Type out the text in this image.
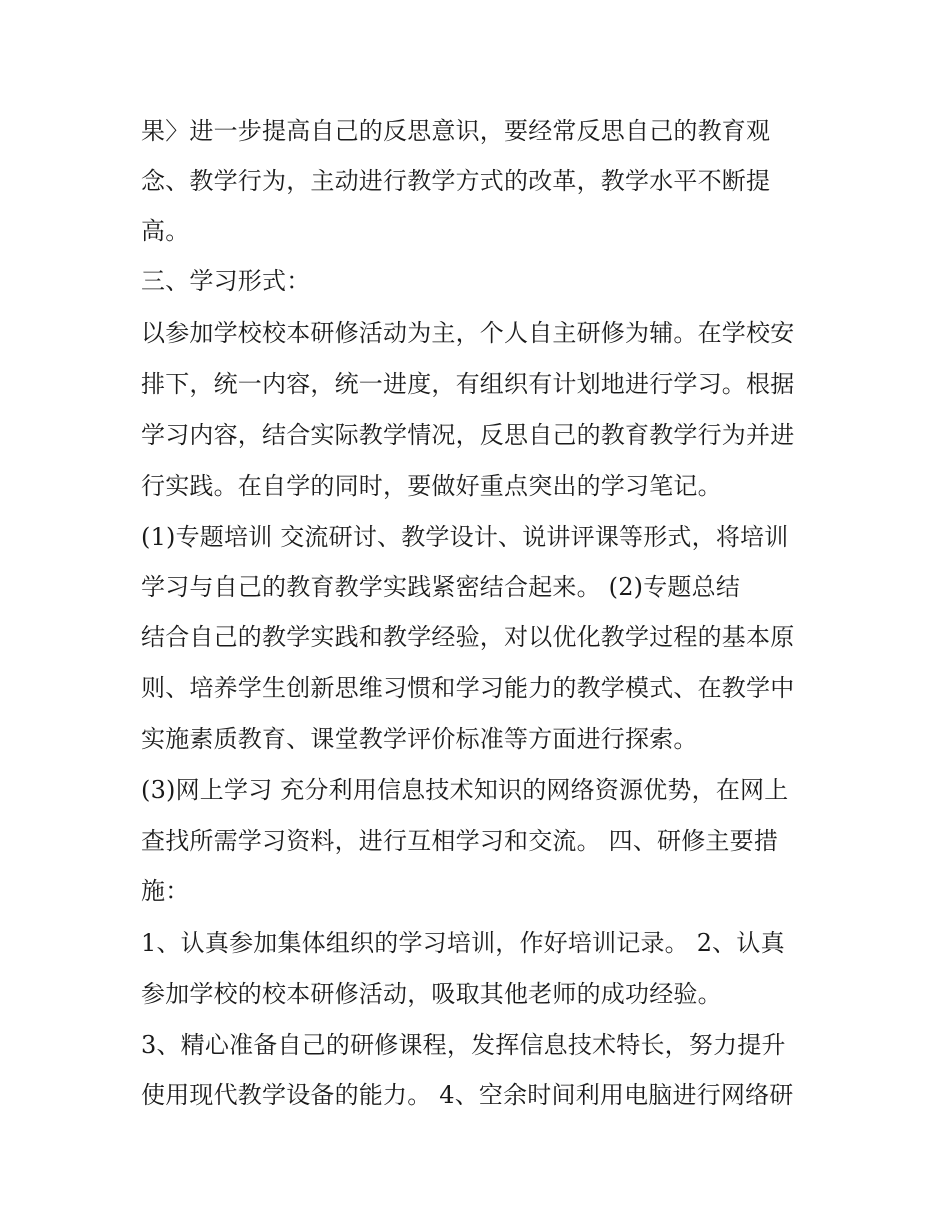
果〉进一步提高自己的反思意识，要经常反思自己的教育观
念、教学行为，主动进行教学方式的改革，教学水平不断提
高。
三、学习形式：
以参加学校校本研修活动为主，个人自主研修为辅。在学校安
排下，统一内容，统一进度，有组织有计划地进行学习。根据
学习内容，结合实际教学情况，反思自己的教育教学行为并进
行实践。在自学的同时，要做好重点突出的学习笔记。
(1)专题培训 交流研讨、教学设计、说讲评课等形式，将培训
学习与自己的教育教学实践紧密结合起来。 (2)专题总结
结合自己的教学实践和教学经验，对以优化教学过程的基本原
则、培养学生创新思维习惯和学习能力的教学模式、在教学中
实施素质教育、课堂教学评价标准等方面进行探索。
(3)网上学习 充分利用信息技术知识的网络资源优势，在网上
查找所需学习资料，进行互相学习和交流。 四、研修主要措
施：
1、认真参加集体组织的学习培训，作好培训记录。 2、认真
参加学校的校本研修活动，吸取其他老师的成功经验。
3、精心准备自己的研修课程，发挥信息技术特长，努力提升
使用现代教学设备的能力。 4、空余时间利用电脑进行网络研
